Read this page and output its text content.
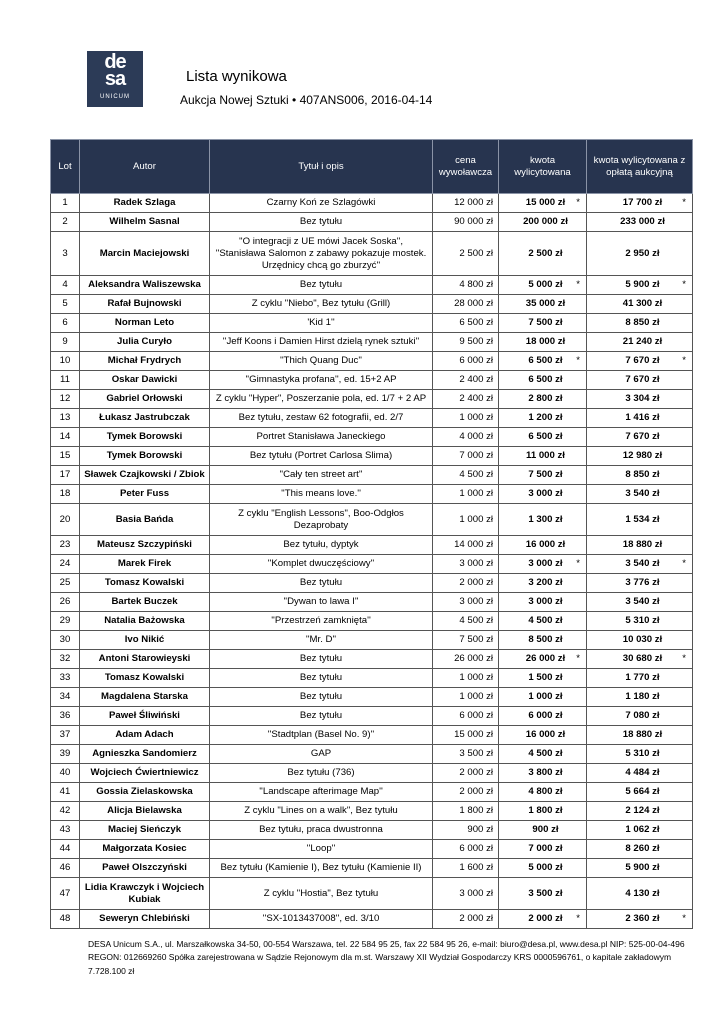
de
sa
UNICUM
Lista wynikowa
Aukcja Nowej Sztuki • 407ANS006, 2016-04-14
Lot	Autor	Tytuł i opis	cena wywoławcza	kwota wylicytowana	kwota wylicytowana z opłatą aukcyjną
1	Radek Szlaga	Czarny Koń ze Szlagówki	12 000 zł	15 000 zł *	17 700 zł *

2	Wilhelm Sasnal	Bez tytułu	90 000 zł	200 000 zł	233 000 zł

3	Marcin Maciejowski	''O integracji z UE mówi Jacek Soska'', ''Stanisława Salomon z zabawy pokazuje mostek. Urzędnicy chcą go zburzyć''	2 500 zł	2 500 zł	2 950 zł

4	Aleksandra Waliszewska	Bez tytułu	4 800 zł	5 000 zł *	5 900 zł *

5	Rafał Bujnowski	Z cyklu "Niebo", Bez tytułu (Grill)	28 000 zł	35 000 zł	41 300 zł

6	Norman Leto	'Kid 1''	6 500 zł	7 500 zł	8 850 zł

9	Julia Curyło	''Jeff Koons i Damien Hirst dzielą rynek sztuki''	9 500 zł	18 000 zł	21 240 zł

10	Michał Frydrych	''Thich Quang Duc''	6 000 zł	6 500 zł *	7 670 zł *

11	Oskar Dawicki	''Gimnastyka profana'', ed. 15+2 AP	2 400 zł	6 500 zł	7 670 zł

12	Gabriel Orłowski	Z cyklu "Hyper", Poszerzanie pola, ed. 1/7 + 2 AP	2 400 zł	2 800 zł	3 304 zł

13	Łukasz Jastrubczak	Bez tytułu, zestaw 62 fotografii, ed. 2/7	1 000 zł	1 200 zł	1 416 zł

14	Tymek Borowski	Portret Stanisława Janeckiego	4 000 zł	6 500 zł	7 670 zł

15	Tymek Borowski	Bez tytułu (Portret Carlosa Slima)	7 000 zł	11 000 zł	12 980 zł

17	Sławek Czajkowski / Zbiok	''Cały ten street art''	4 500 zł	7 500 zł	8 850 zł

18	Peter Fuss	''This means love.''	1 000 zł	3 000 zł	3 540 zł

20	Basia Bańda	Z cyklu "English Lessons", Boo-Odgłos Dezaprobaty	1 000 zł	1 300 zł	1 534 zł

23	Mateusz Szczypiński	Bez tytułu, dyptyk	14 000 zł	16 000 zł	18 880 zł

24	Marek Firek	''Komplet dwuczęściowy''	3 000 zł	3 000 zł *	3 540 zł *

25	Tomasz Kowalski	Bez tytułu	2 000 zł	3 200 zł	3 776 zł

26	Bartek Buczek	''Dywan to lawa I''	3 000 zł	3 000 zł	3 540 zł

29	Natalia Bażowska	''Przestrzeń zamknięta''	4 500 zł	4 500 zł	5 310 zł

30	Ivo Nikić	''Mr. D''	7 500 zł	8 500 zł	10 030 zł

32	Antoni Starowieyski	Bez tytułu	26 000 zł	26 000 zł *	30 680 zł *

33	Tomasz Kowalski	Bez tytułu	1 000 zł	1 500 zł	1 770 zł

34	Magdalena Starska	Bez tytułu	1 000 zł	1 000 zł	1 180 zł

36	Paweł Śliwiński	Bez tytułu	6 000 zł	6 000 zł	7 080 zł

37	Adam Adach	''Stadtplan (Basel No. 9)''	15 000 zł	16 000 zł	18 880 zł

39	Agnieszka Sandomierz	GAP	3 500 zł	4 500 zł	5 310 zł

40	Wojciech Ćwiertniewicz	Bez tytułu (736)	2 000 zł	3 800 zł	4 484 zł

41	Gossia Zielaskowska	''Landscape afterimage Map''	2 000 zł	4 800 zł	5 664 zł

42	Alicja Bielawska	Z cyklu "Lines on a walk", Bez tytułu	1 800 zł	1 800 zł	2 124 zł

43	Maciej Sieńczyk	Bez tytułu, praca dwustronna	900 zł	900 zł	1 062 zł

44	Małgorzata Kosiec	''Loop''	6 000 zł	7 000 zł	8 260 zł

46	Paweł Olszczyński	Bez tytułu (Kamienie I), Bez tytułu (Kamienie II)	1 600 zł	5 000 zł	5 900 zł

47	Lidia Krawczyk i Wojciech Kubiak	Z cyklu "Hostia", Bez tytułu	3 000 zł	3 500 zł	4 130 zł

48	Seweryn Chlebiński	''SX-1013437008'', ed. 3/10	2 000 zł	2 000 zł *	2 360 zł *
DESA Unicum S.A., ul. Marszałkowska 34-50, 00-554 Warszawa, tel. 22 584 95 25, fax 22 584 95 26, e-mail: biuro@desa.pl, www.desa.pl NIP: 525-00-04-496 REGON: 012669260 Spółka zarejestrowana w Sądzie Rejonowym dla m.st. Warszawy XII Wydział Gospodarczy KRS 0000596761, o kapitale zakładowym 7.728.100 zł
